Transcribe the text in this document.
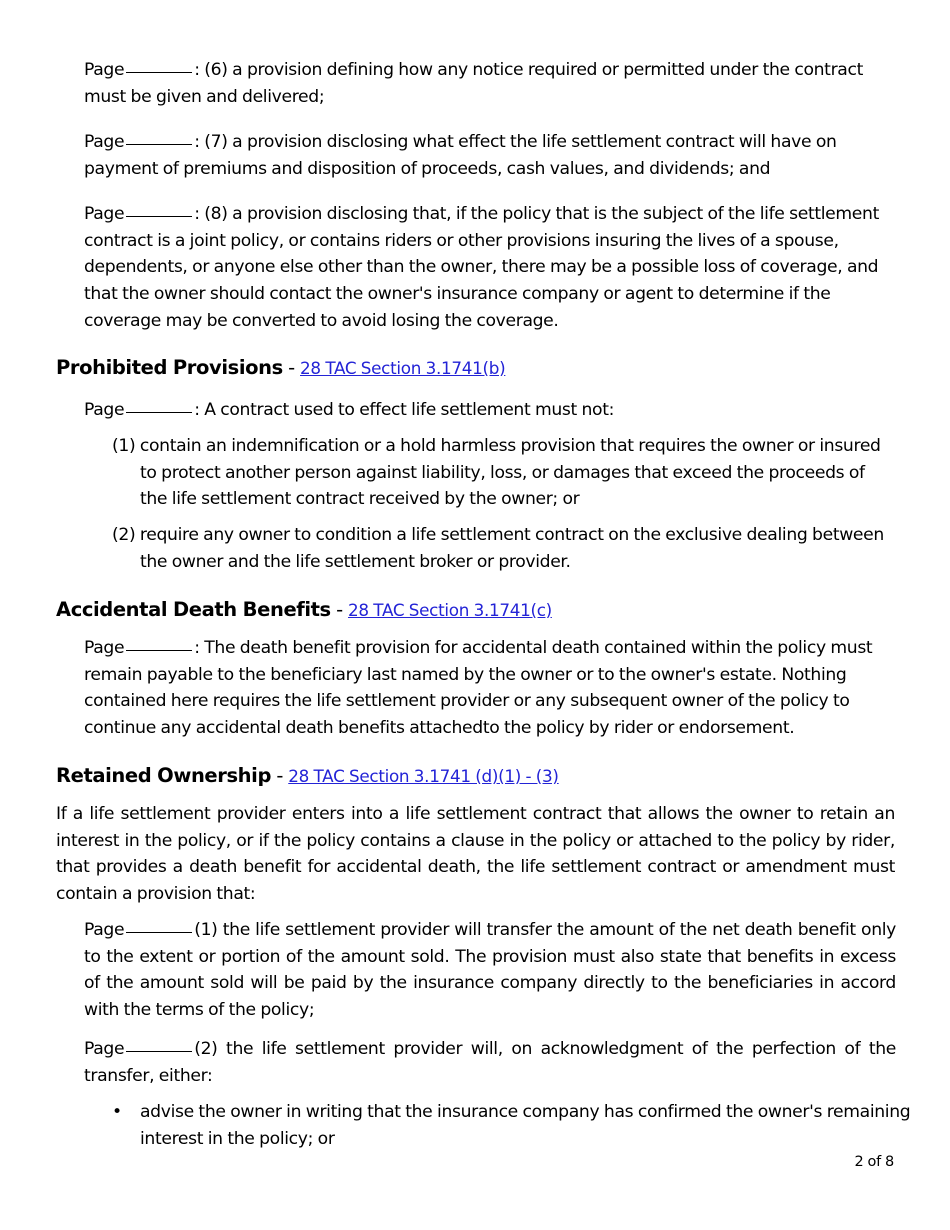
Page	: (6) a provision defining how any notice required or permitted under the contract must be given and delivered;

Page	: (7) a provision disclosing what effect the life settlement contract will have on payment of premiums and disposition of proceeds, cash values, and dividends; and

Page	: (8) a provision disclosing that, if the policy that is the subject of the life settlement contract is a joint policy, or contains riders or other provisions insuring the lives of a spouse, dependents, or anyone else other than the owner, there may be a possible loss of coverage, and that the owner should contact the owner's insurance company or agent to determine if the coverage may be converted to avoid losing the coverage.

Prohibited Provisions - 28 TAC Section 3.1741(b)

Page	: A contract used to effect life settlement must not:

(1) contain an indemnification or a hold harmless provision that requires the owner or insured to protect another person against liability, loss, or damages that exceed the proceeds of the life settlement contract received by the owner; or

(2) require any owner to condition a life settlement contract on the exclusive dealing between the owner and the life settlement broker or provider.

Accidental Death Benefits - 28 TAC Section 3.1741(c)

Page	: The death benefit provision for accidental death contained within the policy must remain payable to the beneficiary last named by the owner or to the owner's estate. Nothing contained here requires the life settlement provider or any subsequent owner of the policy to continue any accidental death benefits attachedto the policy by rider or endorsement.

Retained Ownership - 28 TAC Section 3.1741 (d)(1) - (3)

If a life settlement provider enters into a life settlement contract that allows the owner to retain an interest in the policy, or if the policy contains a clause in the policy or attached to the policy by rider, that provides a death benefit for accidental death, the life settlement contract or amendment must contain a provision that:

Page	(1) the life settlement provider will transfer the amount of the net death benefit only to the extent or portion of the amount sold. The provision must also state that benefits in excess of the amount sold will be paid by the insurance company directly to the beneficiaries in accord with the terms of the policy;

Page	(2) the life settlement provider will, on acknowledgment of the perfection of the transfer, either:

• advise the owner in writing that the insurance company has confirmed the owner's remaining interest in the policy; or
2 of 8
